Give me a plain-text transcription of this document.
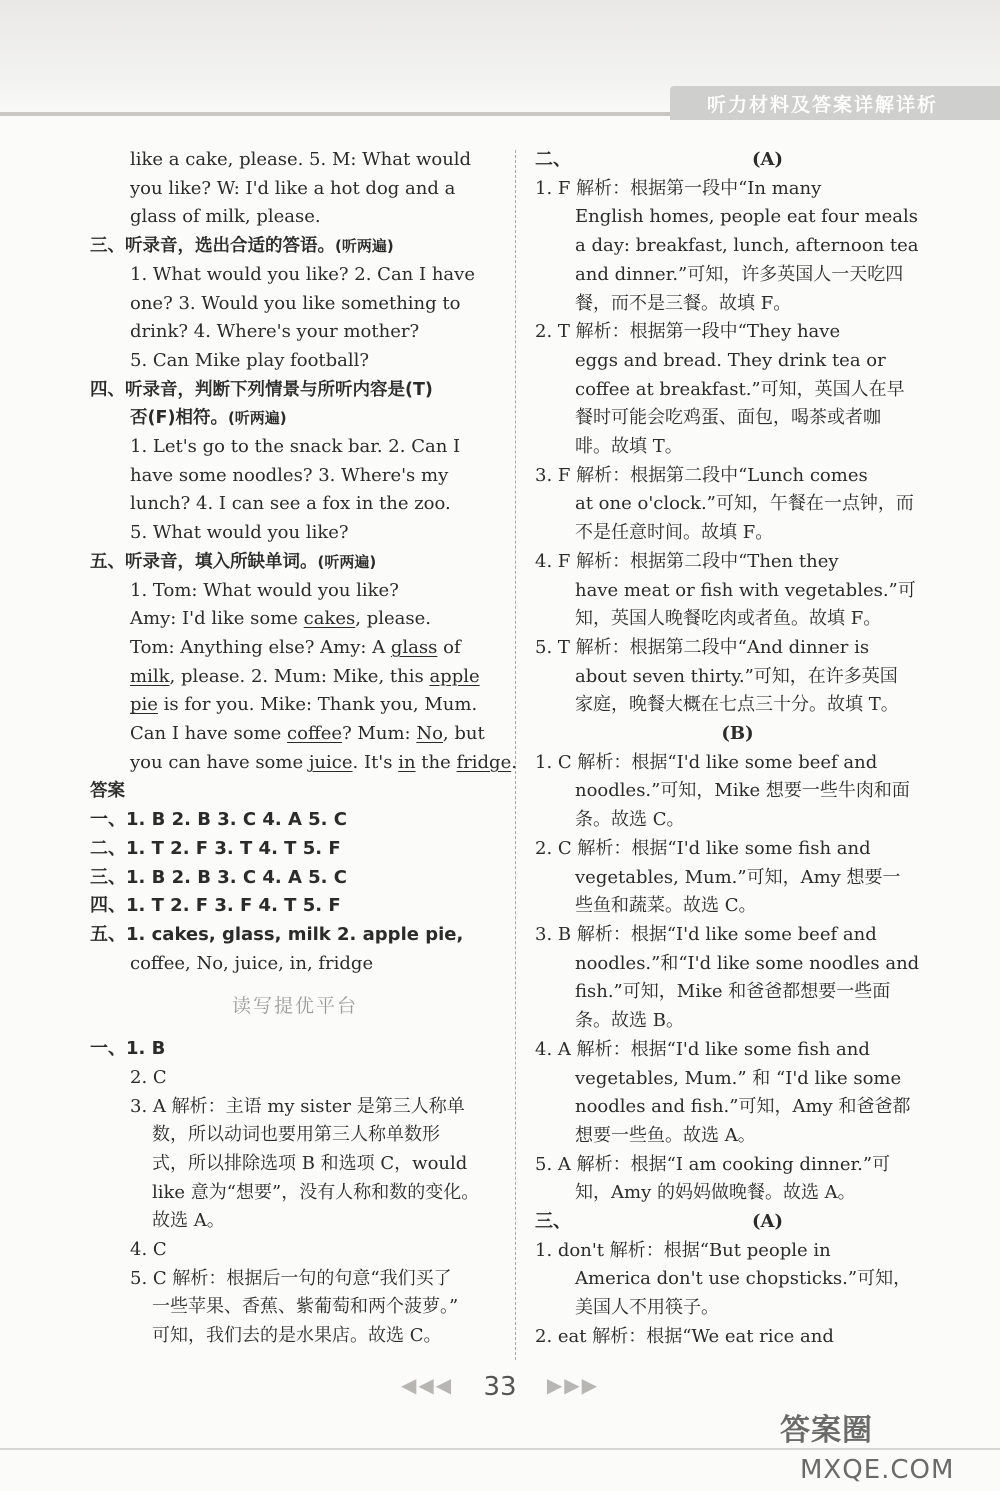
听力材料及答案详解详析
like a cake, please. 5. M: What would
you like? W: I'd like a hot dog and a
glass of milk, please.
三、听录音，选出合适的答语。(听两遍)
1. What would you like? 2. Can I have
one? 3. Would you like something to
drink? 4. Where's your mother?
5. Can Mike play football?
四、听录音，判断下列情景与所听内容是(T)
否(F)相符。(听两遍)
1. Let's go to the snack bar. 2. Can I
have some noodles? 3. Where's my
lunch? 4. I can see a fox in the zoo.
5. What would you like?
五、听录音，填入所缺单词。(听两遍)
1. Tom: What would you like?
Amy: I'd like some cakes, please.
Tom: Anything else? Amy: A glass of
milk, please. 2. Mum: Mike, this apple
pie is for you. Mike: Thank you, Mum.
Can I have some coffee? Mum: No, but
you can have some juice. It's in the fridge.
答案
一、1. B 2. B 3. C 4. A 5. C
二、1. T 2. F 3. T 4. T 5. F
三、1. B 2. B 3. C 4. A 5. C
四、1. T 2. F 3. F 4. T 5. F
五、1. cakes, glass, milk 2. apple pie,
coffee, No, juice, in, fridge
读写提优平台
一、1. B
2. C
3. A 解析：主语 my sister 是第三人称单
数，所以动词也要用第三人称单数形
式，所以排除选项 B 和选项 C，would
like 意为“想要”，没有人称和数的变化。
故选 A。
4. C
5. C 解析：根据后一句的句意“我们买了
一些苹果、香蕉、紫葡萄和两个菠萝。”
可知，我们去的是水果店。故选 C。
二、	(A)
1. F 解析：根据第一段中“In many
English homes, people eat four meals
a day: breakfast, lunch, afternoon tea
and dinner.”可知，许多英国人一天吃四
餐，而不是三餐。故填 F。
2. T 解析：根据第一段中“They have
eggs and bread. They drink tea or
coffee at breakfast.”可知，英国人在早
餐时可能会吃鸡蛋、面包，喝茶或者咖
啡。故填 T。
3. F 解析：根据第二段中“Lunch comes
at one o'clock.”可知，午餐在一点钟，而
不是任意时间。故填 F。
4. F 解析：根据第二段中“Then they
have meat or fish with vegetables.”可
知，英国人晚餐吃肉或者鱼。故填 F。
5. T 解析：根据第二段中“And dinner is
about seven thirty.”可知，在许多英国
家庭，晚餐大概在七点三十分。故填 T。
(B)
1. C 解析：根据“I'd like some beef and
noodles.”可知，Mike 想要一些牛肉和面
条。故选 C。
2. C 解析：根据“I'd like some fish and
vegetables, Mum.”可知，Amy 想要一
些鱼和蔬菜。故选 C。
3. B 解析：根据“I'd like some beef and
noodles.”和“I'd like some noodles and
fish.”可知，Mike 和爸爸都想要一些面
条。故选 B。
4. A 解析：根据“I'd like some fish and
vegetables, Mum.” 和 “I'd like some
noodles and fish.”可知，Amy 和爸爸都
想要一些鱼。故选 A。
5. A 解析：根据“I am cooking dinner.”可
知，Amy 的妈妈做晚餐。故选 A。
三、	(A)
1. don't 解析：根据“But people in
America don't use chopsticks.”可知，
美国人不用筷子。
2. eat 解析：根据“We eat rice and
◀◀◀ 33 ▶▶▶
答案圈
MXQE.COM
